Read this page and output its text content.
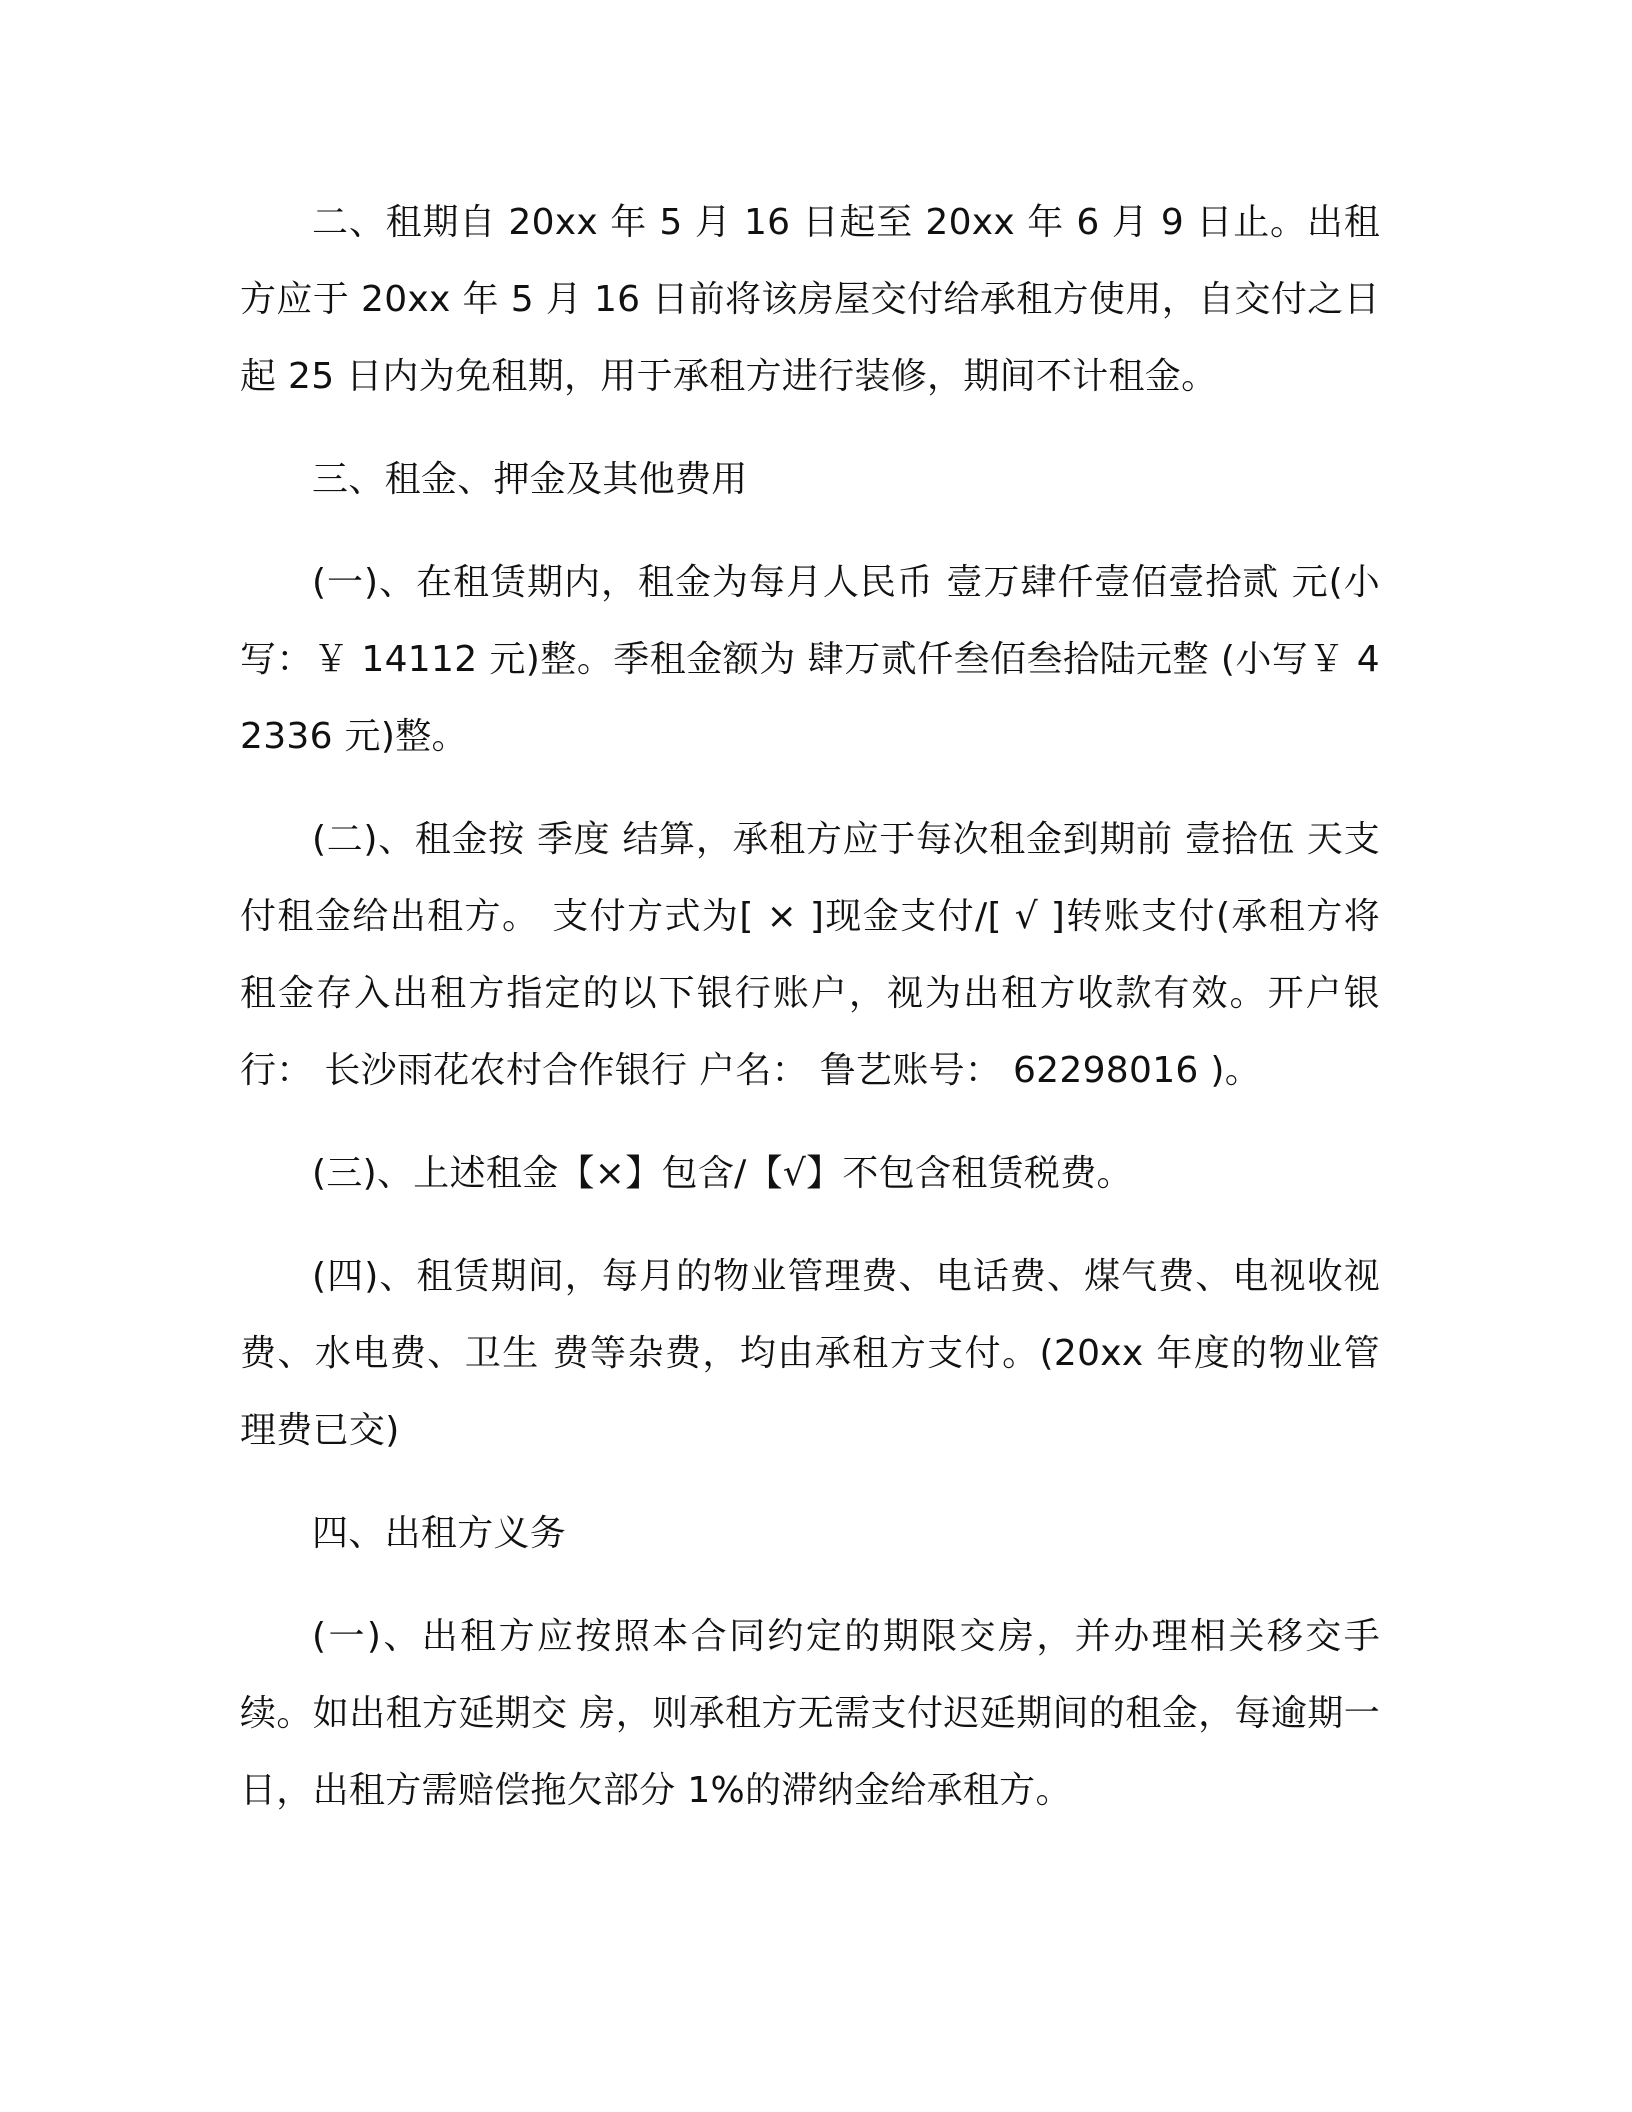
二、租期自 20xx 年 5 月 16 日起至 20xx 年 6 月 9 日止。出租方应于 20xx 年 5 月 16 日前将该房屋交付给承租方使用，自交付之日起 25 日内为免租期，用于承租方进行装修，期间不计租金。

三、租金、押金及其他费用

(一)、在租赁期内，租金为每月人民币 壹万肆仟壹佰壹拾贰 元(小写：￥ 14112 元)整。季租金额为 肆万贰仟叁佰叁拾陆元整 (小写￥ 42336 元)整。

(二)、租金按 季度 结算，承租方应于每次租金到期前 壹拾伍 天支付租金给出租方。 支付方式为[ × ]现金支付/[ √ ]转账支付(承租方将租金存入出租方指定的以下银行账户，视为出租方收款有效。开户银行： 长沙雨花农村合作银行 户名： 鲁艺账号： 62298016 )。

(三)、上述租金【×】包含/【√】不包含租赁税费。

(四)、租赁期间，每月的物业管理费、电话费、煤气费、电视收视费、水电费、卫生 费等杂费，均由承租方支付。(20xx 年度的物业管理费已交)

四、出租方义务

(一)、出租方应按照本合同约定的期限交房，并办理相关移交手续。如出租方延期交 房，则承租方无需支付迟延期间的租金，每逾期一日，出租方需赔偿拖欠部分 1%的滞纳金给承租方。
